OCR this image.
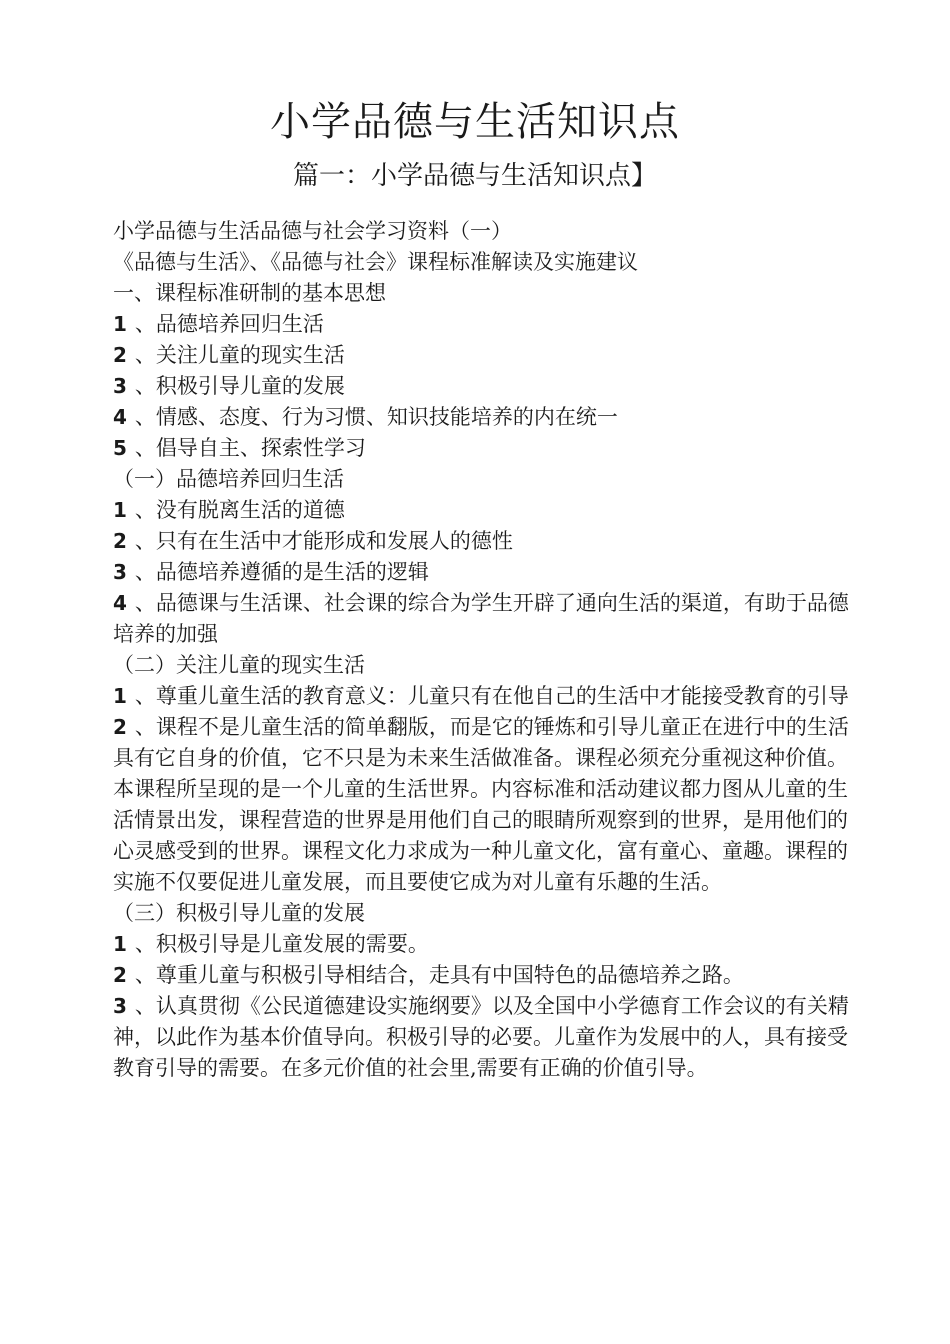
小学品德与生活知识点
篇一：小学品德与生活知识点】

小学品德与生活品德与社会学习资料（一）

《品德与生活》、《品德与社会》课程标准解读及实施建议

一、课程标准研制的基本思想

1 、品德培养回归生活

2 、关注儿童的现实生活

3 、积极引导儿童的发展

4 、情感、态度、行为习惯、知识技能培养的内在统一

5 、倡导自主、探索性学习

（一）品德培养回归生活

1 、没有脱离生活的道德

2 、只有在生活中才能形成和发展人的德性

3 、品德培养遵循的是生活的逻辑

4 、品德课与生活课、社会课的综合为学生开辟了通向生活的渠道，有助于品德培养的加强

（二）关注儿童的现实生活

1 、尊重儿童生活的教育意义：儿童只有在他自己的生活中才能接受教育的引导

2 、课程不是儿童生活的简单翻版，而是它的锤炼和引导儿童正在进行中的生活具有它自身的价值，它不只是为未来生活做准备。课程必须充分重视这种价值。本课程所呈现的是一个儿童的生活世界。内容标准和活动建议都力图从儿童的生活情景出发，课程营造的世界是用他们自己的眼睛所观察到的世界，是用他们的心灵感受到的世界。课程文化力求成为一种儿童文化，富有童心、童趣。课程的实施不仅要促进儿童发展，而且要使它成为对儿童有乐趣的生活。

（三）积极引导儿童的发展

1 、积极引导是儿童发展的需要。

2 、尊重儿童与积极引导相结合，走具有中国特色的品德培养之路。

3 、认真贯彻《公民道德建设实施纲要》以及全国中小学德育工作会议的有关精神，以此作为基本价值导向。积极引导的必要。儿童作为发展中的人，具有接受教育引导的需要。在多元价值的社会里,需要有正确的价值引导。
